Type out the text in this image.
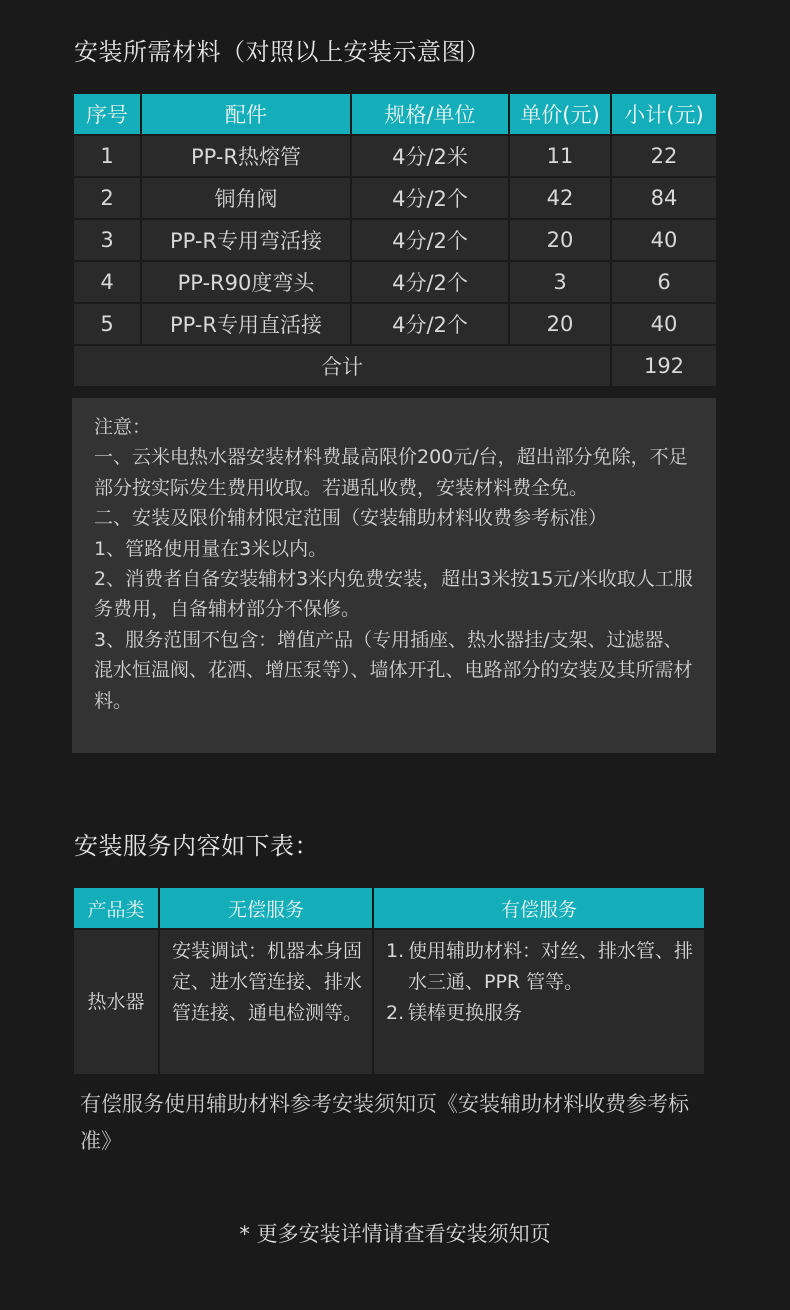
安装所需材料（对照以上安装示意图）
序号	配件	规格/单位	单价(元)	小计(元)
1	PP-R热熔管	4分/2米	11	22
2	铜角阀	4分/2个	42	84
3	PP-R专用弯活接	4分/2个	20	40
4	PP-R90度弯头	4分/2个	3	6
5	PP-R专用直活接	4分/2个	20	40
合计				192

注意：

一、云米电热水器安装材料费最高限价200元/台，超出部分免除，不足部分按实际发生费用收取。若遇乱收费，安装材料费全免。

二、安装及限价辅材限定范围（安装辅助材料收费参考标准）

1、管路使用量在3米以内。

2、消费者自备安装辅材3米内免费安装，超出3米按15元/米收取人工服务费用，自备辅材部分不保修。

3、服务范围不包含：增值产品（专用插座、热水器挂/支架、过滤器、混水恒温阀、花洒、增压泵等）、墙体开孔、电路部分的安装及其所需材料。

安装服务内容如下表：
产品类	无偿服务	有偿服务
热水器	安装调试：机器本身固定、进水管连接、排水管连接、通电检测等。	1. 使用辅助材料：对丝、排水管、排水三通、PPR 管等。
2. 镁棒更换服务
有偿服务使用辅助材料参考安装须知页《安装辅助材料收费参考标准》
* 更多安装详情请查看安装须知页
